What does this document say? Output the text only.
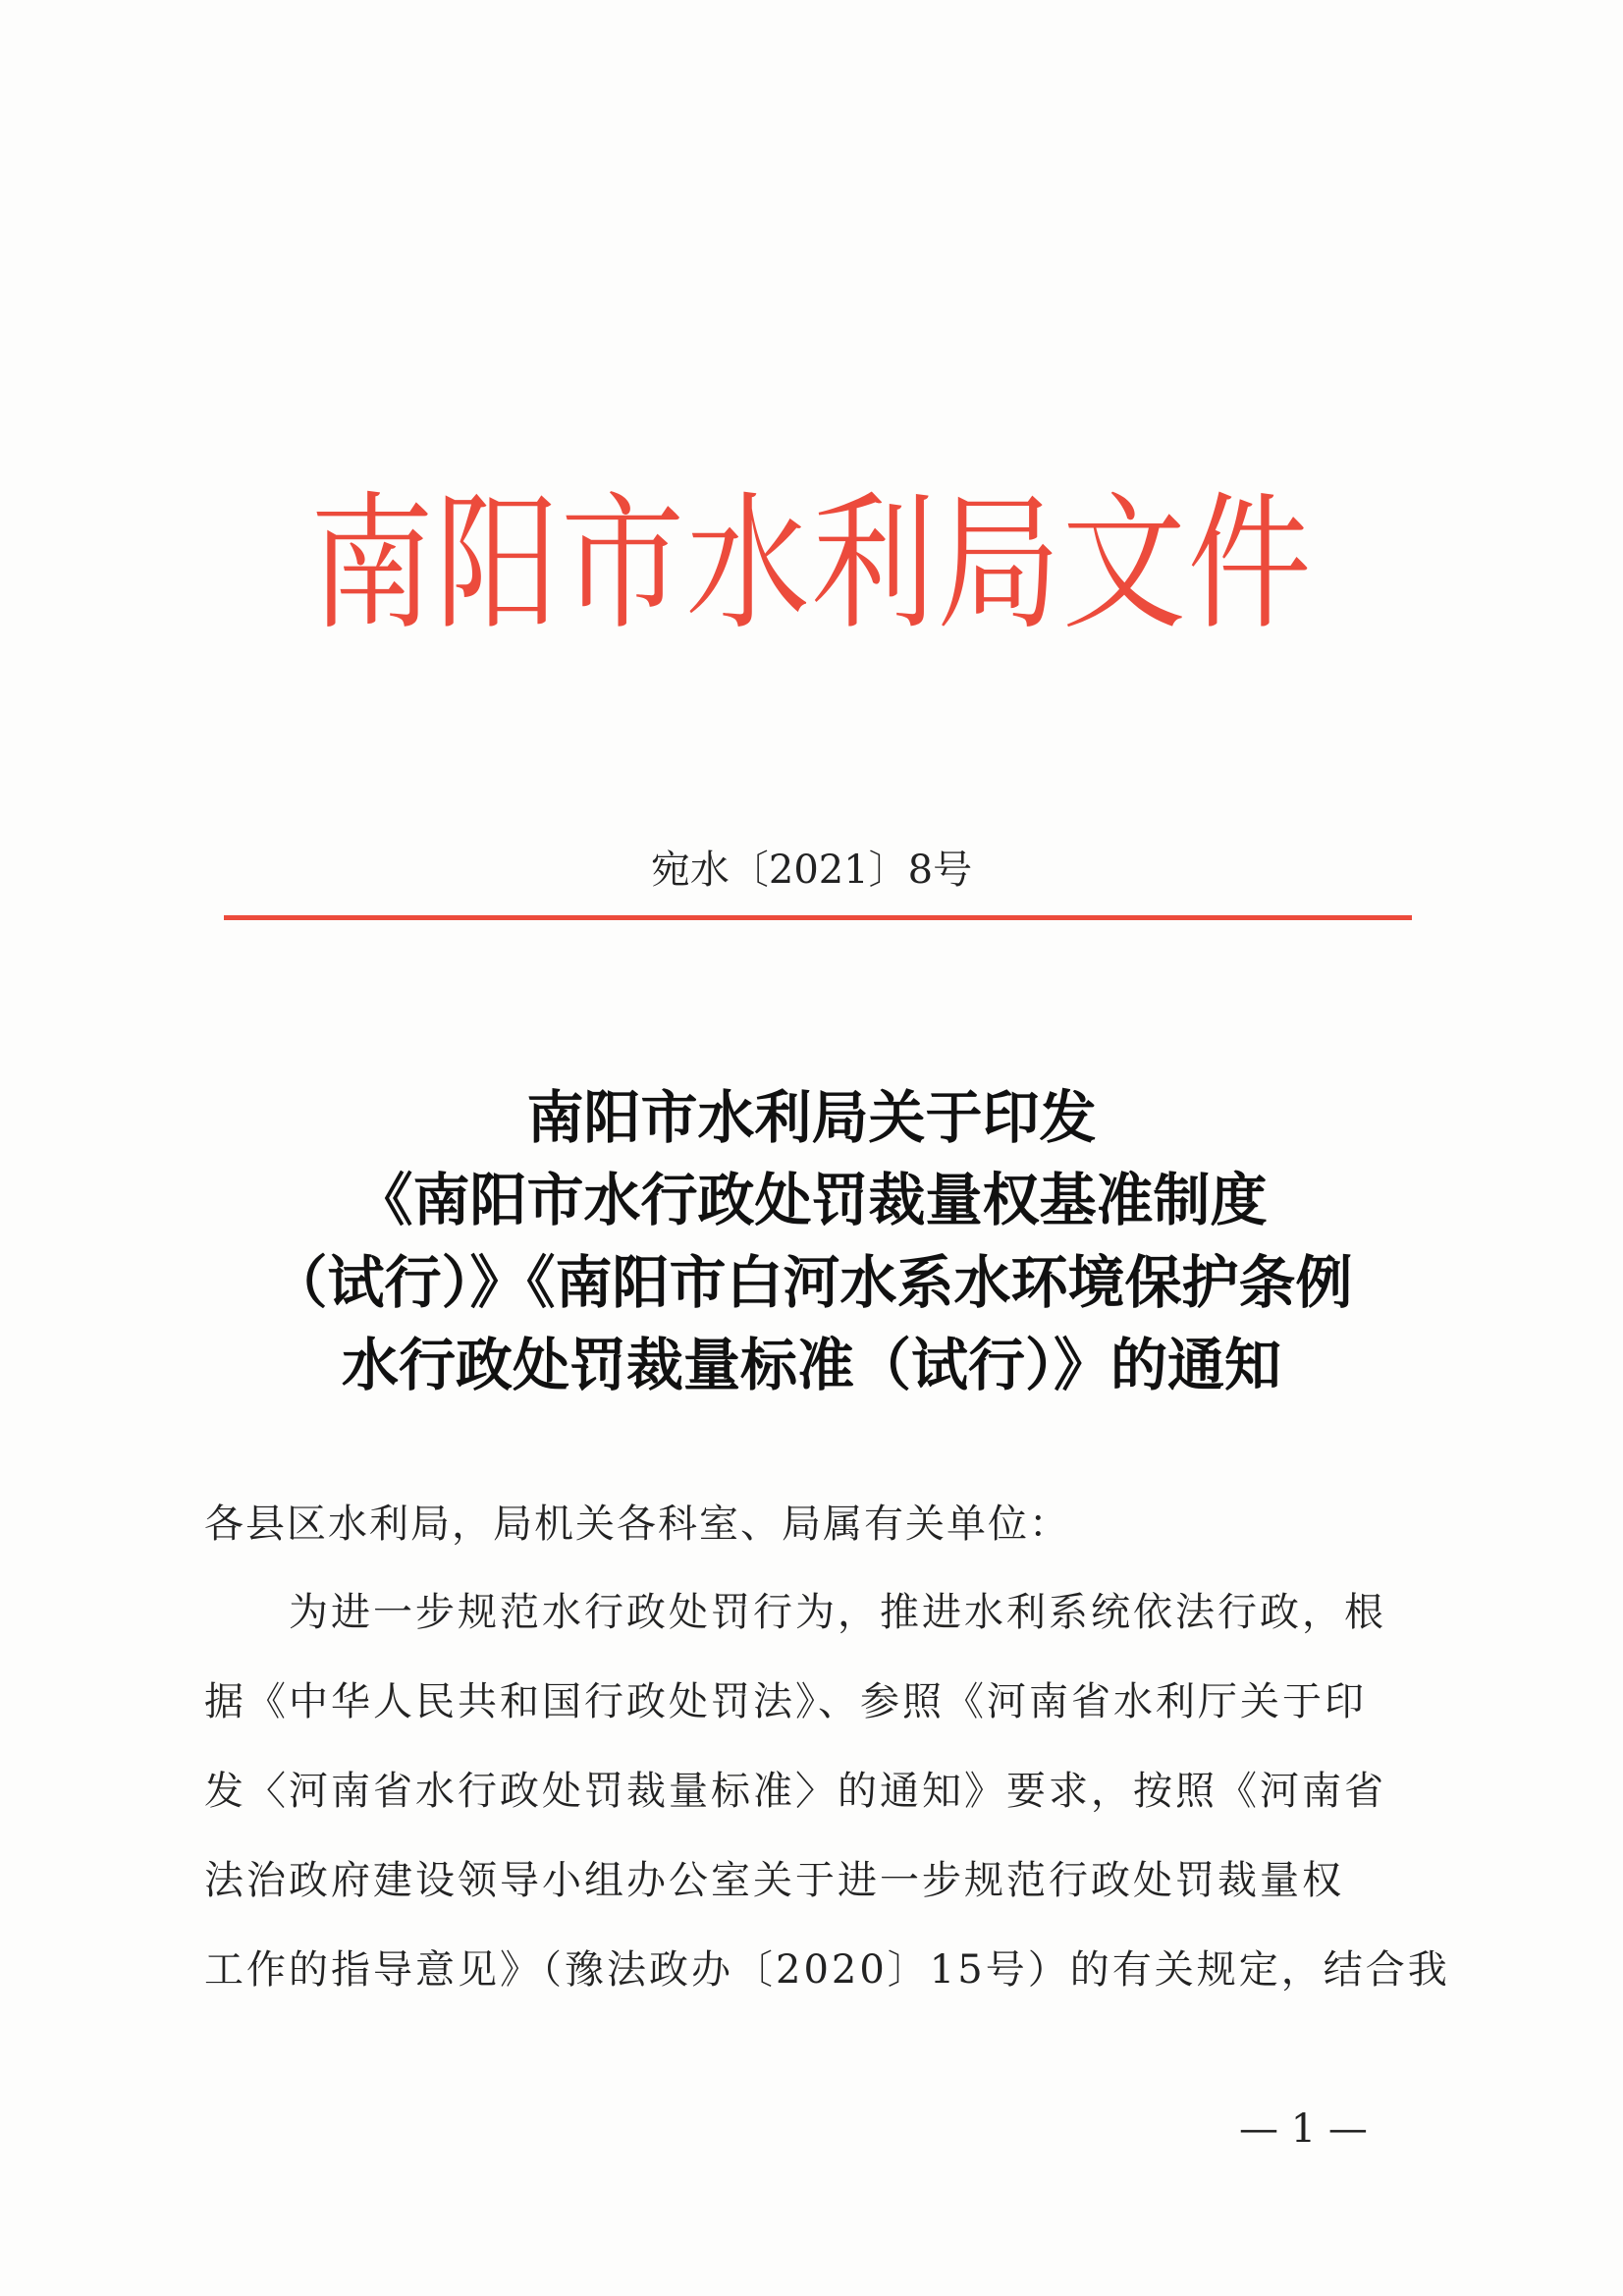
南阳市水利局文件
宛水〔2021〕8号
南阳市水利局关于印发
《南阳市水行政处罚裁量权基准制度
（试行）》《南阳市白河水系水环境保护条例
水行政处罚裁量标准（试行）》的通知
各县区水利局，局机关各科室、局属有关单位：
　　为进一步规范水行政处罚行为，推进水利系统依法行政，根
据《中华人民共和国行政处罚法》、参照《河南省水利厅关于印
发〈河南省水行政处罚裁量标准〉的通知》要求，按照《河南省
法治政府建设领导小组办公室关于进一步规范行政处罚裁量权
工作的指导意见》（豫法政办〔2020〕15号）的有关规定，结合我
— 1 —
